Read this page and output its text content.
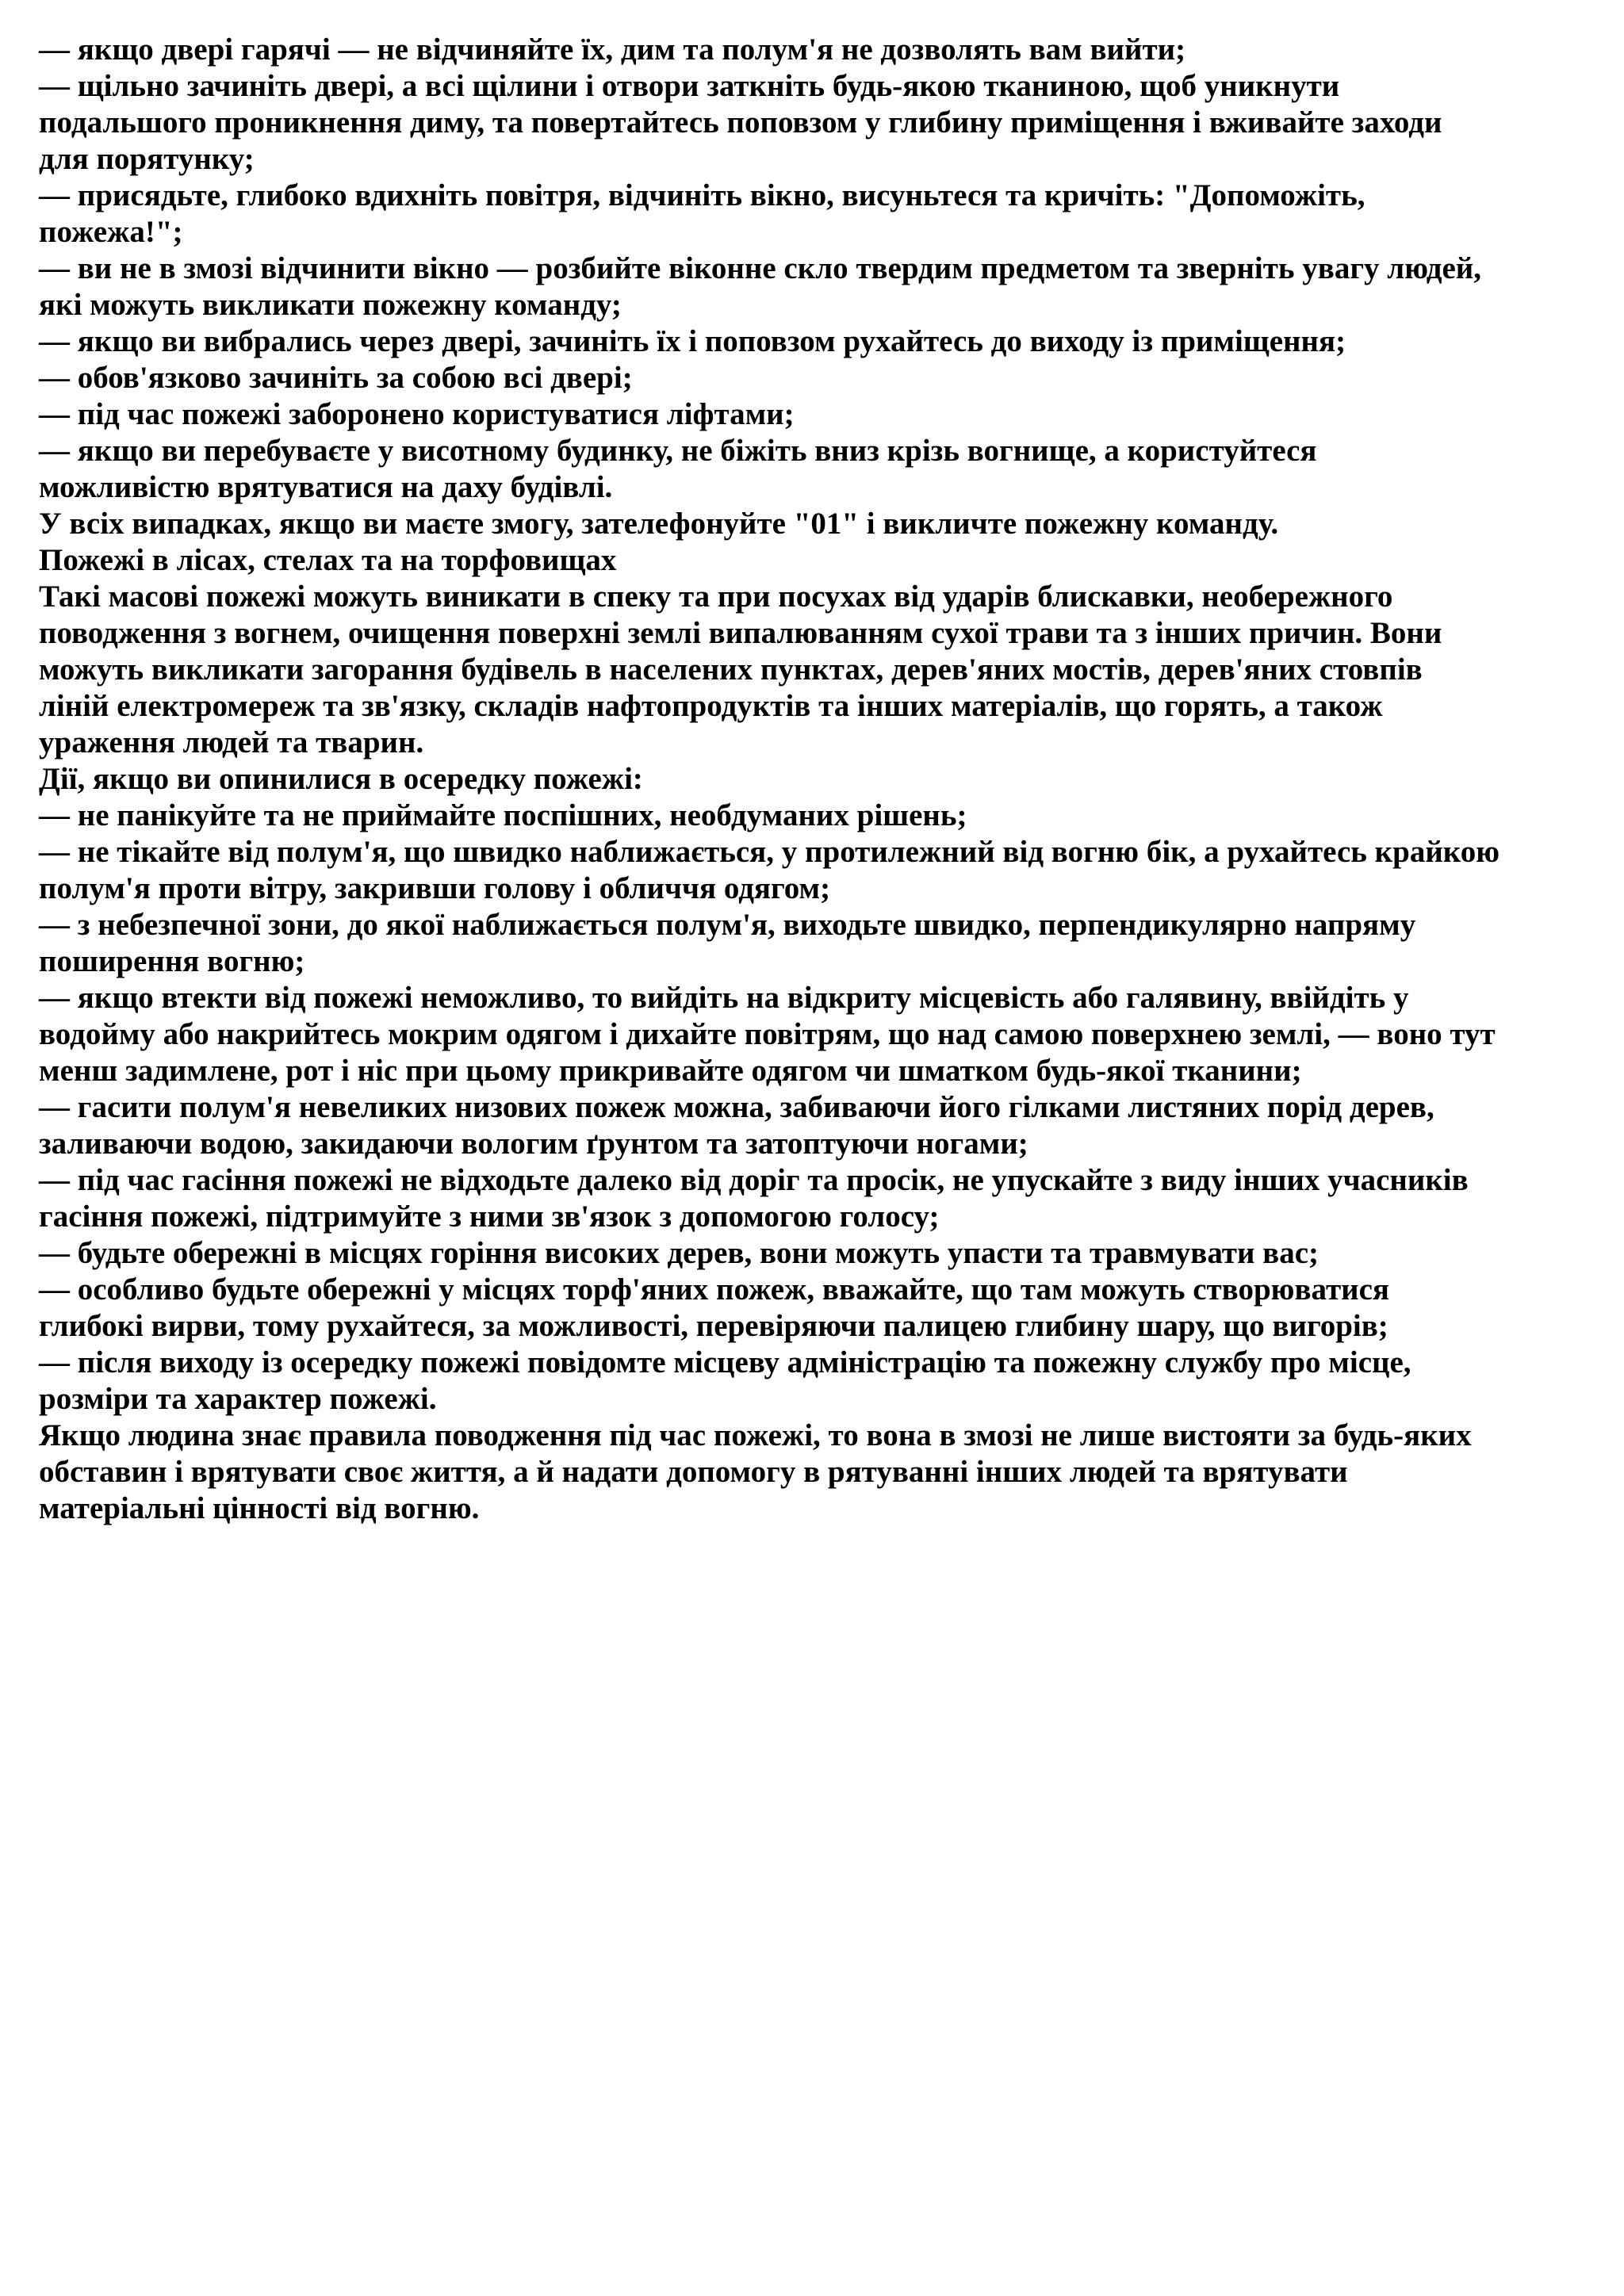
— якщо двері гарячі — не відчиняйте їх, дим та полум'я не дозволять вам вийти;
— щільно зачиніть двері, а всі щілини і отвори заткніть будь-якою тканиною, щоб уникнути
подальшого проникнення диму, та повертайтесь поповзом у глибину приміщення і вживайте заходи
для порятунку;
— присядьте, глибоко вдихніть повітря, відчиніть вікно, висуньтеся та кричіть: "Допоможіть,
пожежа!";
— ви не в змозі відчинити вікно — розбийте віконне скло твердим предметом та зверніть увагу людей,
які можуть викликати пожежну команду;
— якщо ви вибрались через двері, зачиніть їх і поповзом рухайтесь до виходу із приміщення;
— обов'язково зачиніть за собою всі двері;
— під час пожежі заборонено користуватися ліфтами;
— якщо ви перебуваєте у висотному будинку, не біжіть вниз крізь вогнище, а користуйтеся
можливістю врятуватися на даху будівлі.
У всіх випадках, якщо ви маєте змогу, зателефонуйте "01" і викличте пожежну команду.
Пожежі в лісах, стелах та на торфовищах
Такі масові пожежі можуть виникати в спеку та при посухах від ударів блискавки, необережного
поводження з вогнем, очищення поверхні землі випалюванням сухої трави та з інших причин. Вони
можуть викликати загорання будівель в населених пунктах, дерев'яних мостів, дерев'яних стовпів
ліній електромереж та зв'язку, складів нафтопродуктів та інших матеріалів, що горять, а також
ураження людей та тварин.
Дії, якщо ви опинилися в осередку пожежі:
— не панікуйте та не приймайте поспішних, необдуманих рішень;
— не тікайте від полум'я, що швидко наближається, у протилежний від вогню бік, а рухайтесь крайкою
полум'я проти вітру, закривши голову і обличчя одягом;
— з небезпечної зони, до якої наближається полум'я, виходьте швидко, перпендикулярно напряму
поширення вогню;
— якщо втекти від пожежі неможливо, то вийдіть на відкриту місцевість або галявину, ввійдіть у
водойму або накрийтесь мокрим одягом і дихайте повітрям, що над самою поверхнею землі, — воно тут
менш задимлене, рот і ніс при цьому прикривайте одягом чи шматком будь-якої тканини;
— гасити полум'я невеликих низових пожеж можна, забиваючи його гілками листяних порід дерев,
заливаючи водою, закидаючи вологим ґрунтом та затоптуючи ногами;
— під час гасіння пожежі не відходьте далеко від доріг та просік, не упускайте з виду інших учасників
гасіння пожежі, підтримуйте з ними зв'язок з допомогою голосу;
— будьте обережні в місцях горіння високих дерев, вони можуть упасти та травмувати вас;
— особливо будьте обережні у місцях торф'яних пожеж, вважайте, що там можуть створюватися
глибокі вирви, тому рухайтеся, за можливості, перевіряючи палицею глибину шару, що вигорів;
— після виходу із осередку пожежі повідомте місцеву адміністрацію та пожежну службу про місце,
розміри та характер пожежі.
Якщо людина знає правила поводження під час пожежі, то вона в змозі не лише вистояти за будь-яких
обставин і врятувати своє життя, а й надати допомогу в рятуванні інших людей та врятувати
матеріальні цінності від вогню.
